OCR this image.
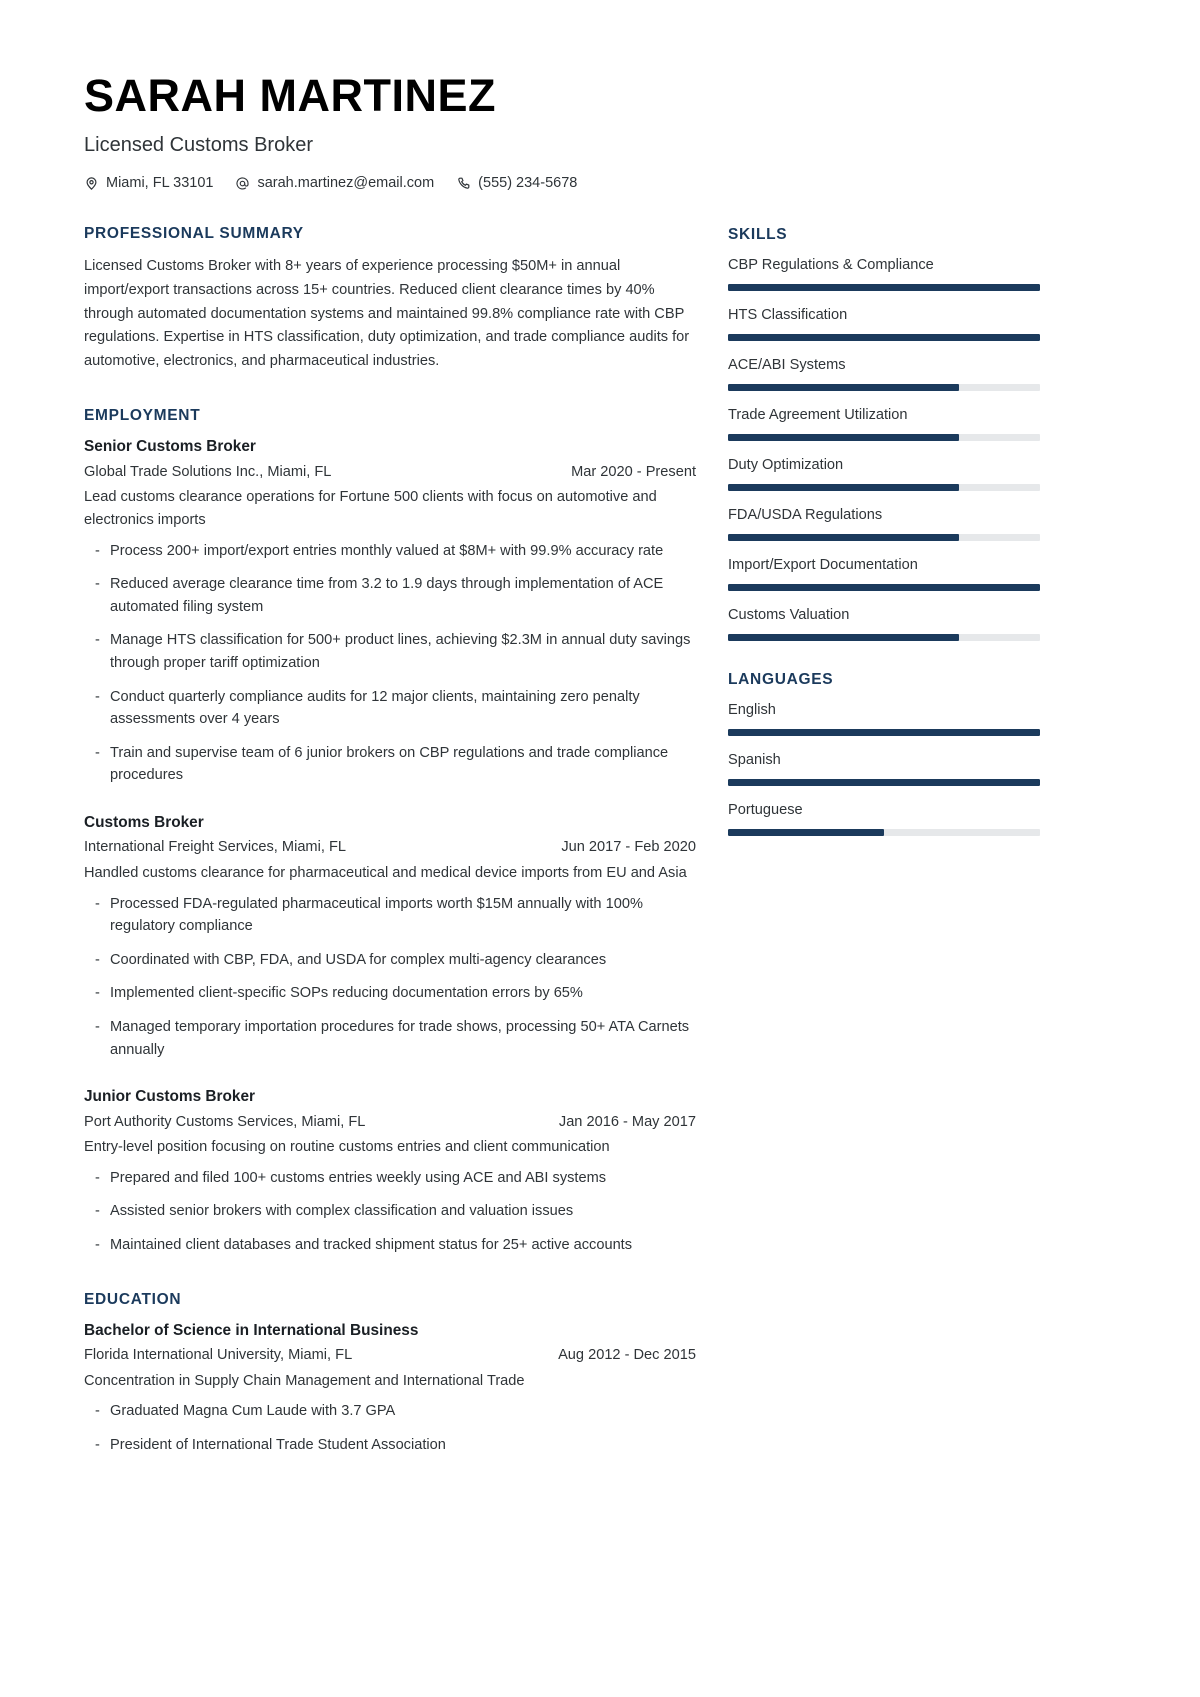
SARAH MARTINEZ
Licensed Customs Broker
Miami, FL 33101	sarah.martinez@email.com	(555) 234-5678
PROFESSIONAL SUMMARY

Licensed Customs Broker with 8+ years of experience processing $50M+ in annual import/export transactions across 15+ countries. Reduced client clearance times by 40% through automated documentation systems and maintained 99.8% compliance rate with CBP regulations. Expertise in HTS classification, duty optimization, and trade compliance audits for automotive, electronics, and pharmaceutical industries.

EMPLOYMENT
Senior Customs Broker
Global Trade Solutions Inc., Miami, FL	Mar 2020 - Present
Lead customs clearance operations for Fortune 500 clients with focus on automotive and electronics imports
- Process 200+ import/export entries monthly valued at $8M+ with 99.9% accuracy rate
- Reduced average clearance time from 3.2 to 1.9 days through implementation of ACE automated filing system
- Manage HTS classification for 500+ product lines, achieving $2.3M in annual duty savings through proper tariff optimization
- Conduct quarterly compliance audits for 12 major clients, maintaining zero penalty assessments over 4 years
- Train and supervise team of 6 junior brokers on CBP regulations and trade compliance procedures
Customs Broker
International Freight Services, Miami, FL	Jun 2017 - Feb 2020
Handled customs clearance for pharmaceutical and medical device imports from EU and Asia
- Processed FDA-regulated pharmaceutical imports worth $15M annually with 100% regulatory compliance
- Coordinated with CBP, FDA, and USDA for complex multi-agency clearances
- Implemented client-specific SOPs reducing documentation errors by 65%
- Managed temporary importation procedures for trade shows, processing 50+ ATA Carnets annually
Junior Customs Broker
Port Authority Customs Services, Miami, FL	Jan 2016 - May 2017
Entry-level position focusing on routine customs entries and client communication
- Prepared and filed 100+ customs entries weekly using ACE and ABI systems
- Assisted senior brokers with complex classification and valuation issues
- Maintained client databases and tracked shipment status for 25+ active accounts
EDUCATION
Bachelor of Science in International Business
Florida International University, Miami, FL	Aug 2012 - Dec 2015
Concentration in Supply Chain Management and International Trade
- Graduated Magna Cum Laude with 3.7 GPA
- President of International Trade Student Association
SKILLS
CBP Regulations & Compliance
HTS Classification
ACE/ABI Systems
Trade Agreement Utilization
Duty Optimization
FDA/USDA Regulations
Import/Export Documentation
Customs Valuation
LANGUAGES
English
Spanish
Portuguese
